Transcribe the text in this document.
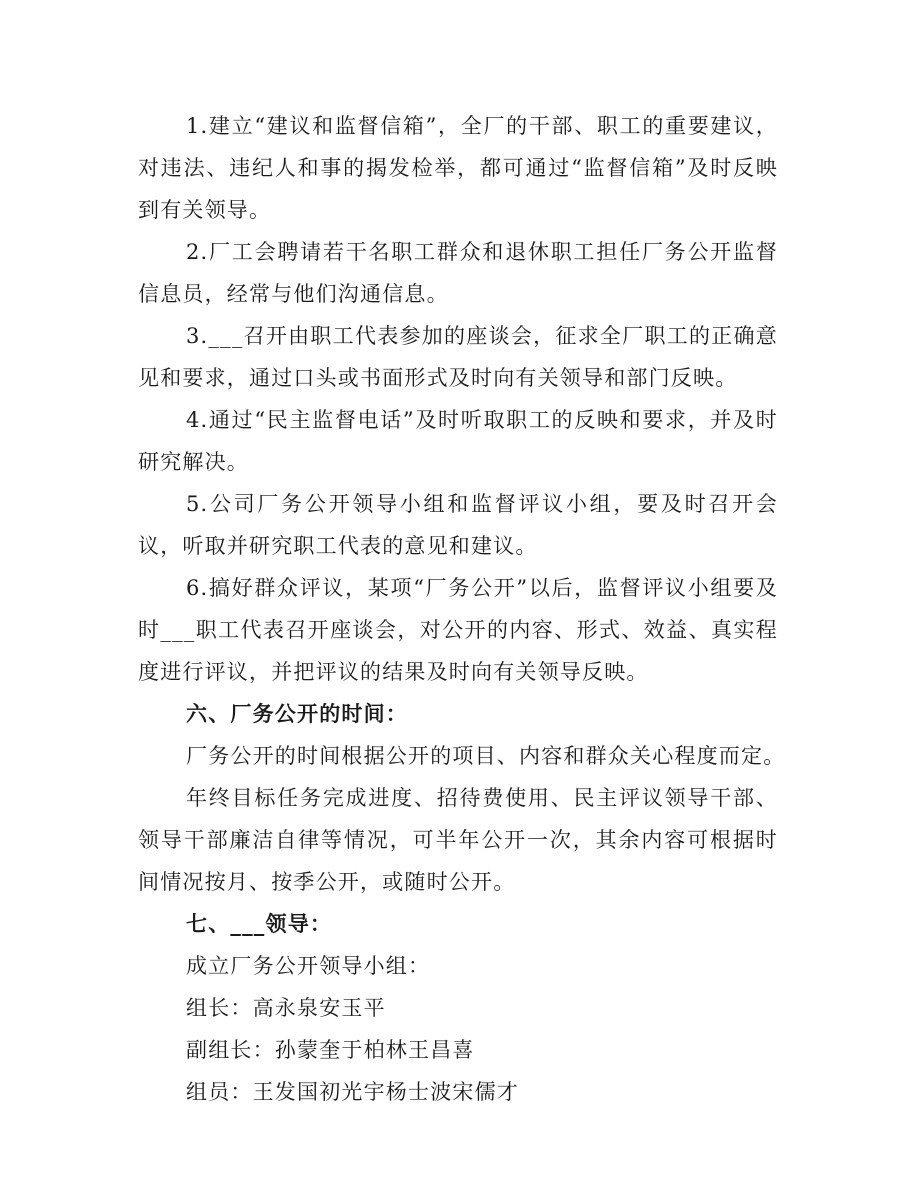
1.建立“建议和监督信箱”，全厂的干部、职工的重要建议，对违法、违纪人和事的揭发检举，都可通过“监督信箱”及时反映到有关领导。

2.厂工会聘请若干名职工群众和退休职工担任厂务公开监督信息员，经常与他们沟通信息。

3.___召开由职工代表参加的座谈会，征求全厂职工的正确意见和要求，通过口头或书面形式及时向有关领导和部门反映。

4.通过“民主监督电话”及时听取职工的反映和要求，并及时研究解决。

5.公司厂务公开领导小组和监督评议小组，要及时召开会议，听取并研究职工代表的意见和建议。

6.搞好群众评议，某项“厂务公开”以后，监督评议小组要及时___职工代表召开座谈会，对公开的内容、形式、效益、真实程度进行评议，并把评议的结果及时向有关领导反映。

六、厂务公开的时间：

厂务公开的时间根据公开的项目、内容和群众关心程度而定。

年终目标任务完成进度、招待费使用、民主评议领导干部、领导干部廉洁自律等情况，可半年公开一次，其余内容可根据时间情况按月、按季公开，或随时公开。

七、___领导：

成立厂务公开领导小组：

组长：高永泉安玉平

副组长：孙蒙奎于柏林王昌喜

组员：王发国初光宇杨士波宋儒才
